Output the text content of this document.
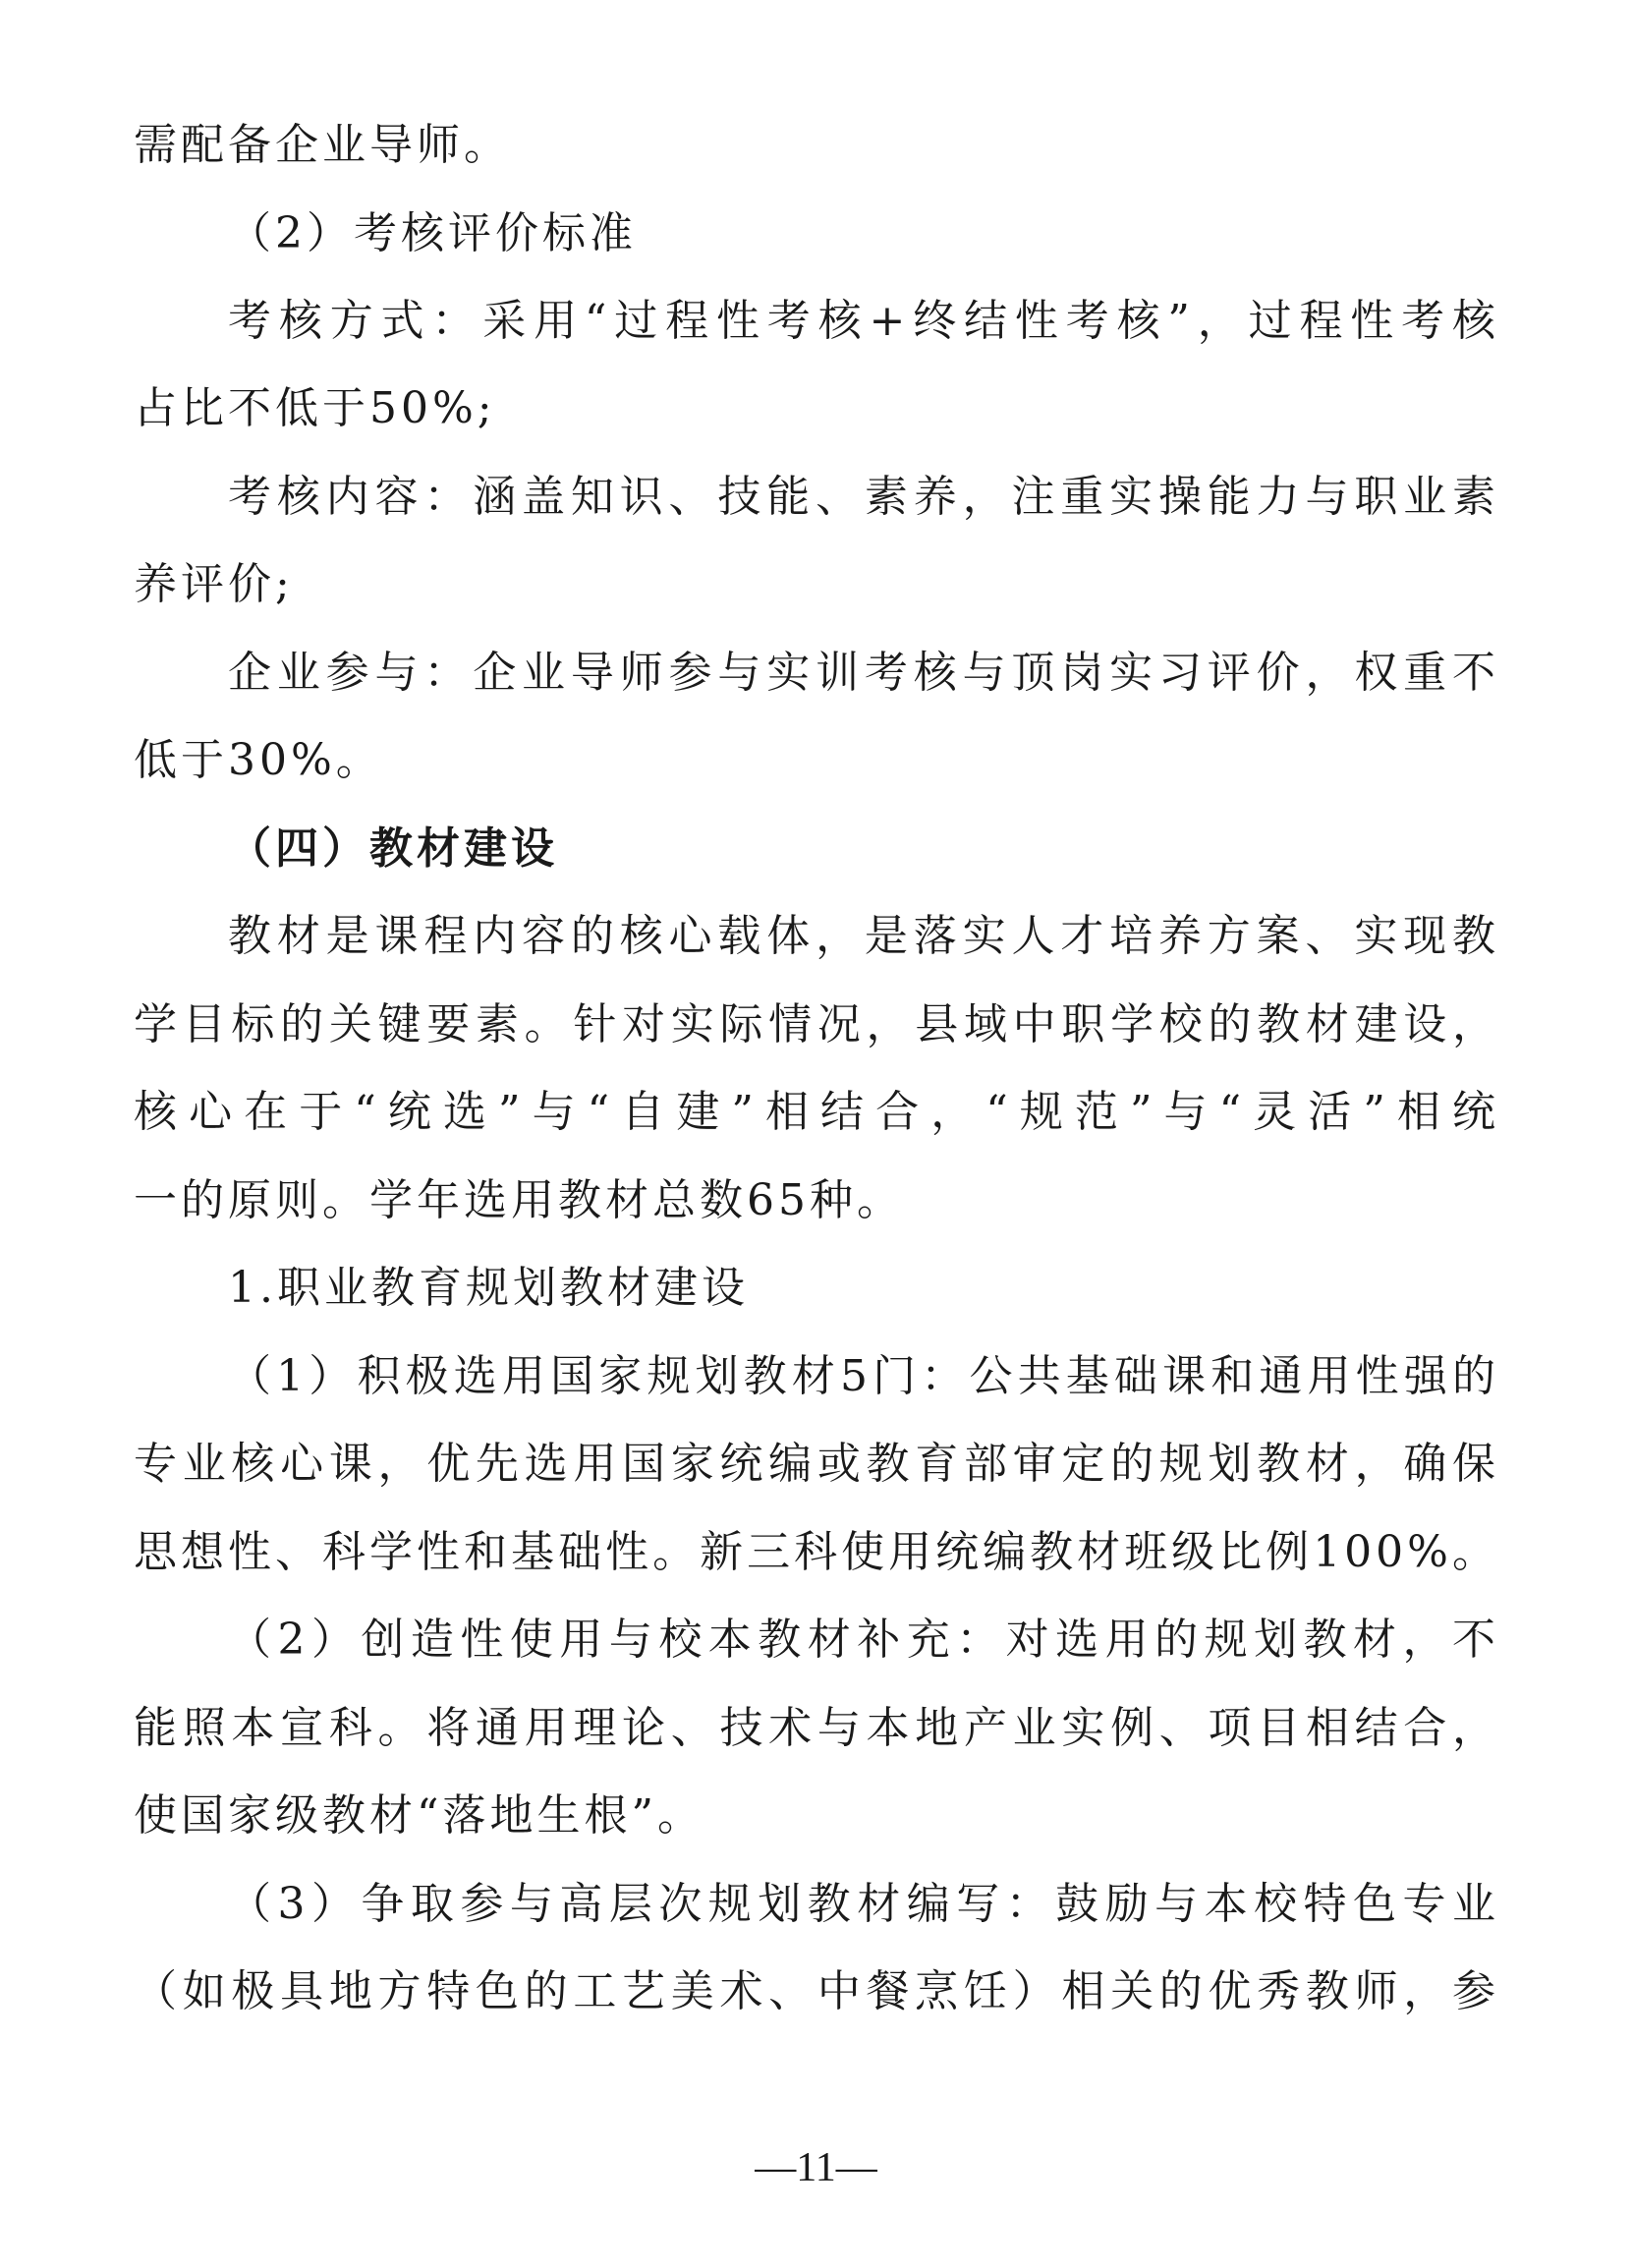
需配备企业导师。
（2）考核评价标准
考核方式：采用“过程性考核+终结性考核”，过程性考核
占比不低于50%;
考核内容：涵盖知识、技能、素养，注重实操能力与职业素
养评价;
企业参与：企业导师参与实训考核与顶岗实习评价，权重不
低于30%。
（四）教材建设
教材是课程内容的核心载体，是落实人才培养方案、实现教
学目标的关键要素。针对实际情况，县域中职学校的教材建设，
核心在于“统选”与“自建”相结合，“规范”与“灵活”相统
一的原则。学年选用教材总数65种。
1.职业教育规划教材建设
（1）积极选用国家规划教材5门：公共基础课和通用性强的
专业核心课，优先选用国家统编或教育部审定的规划教材，确保
思想性、科学性和基础性。新三科使用统编教材班级比例100%。
（2）创造性使用与校本教材补充：对选用的规划教材，不
能照本宣科。将通用理论、技术与本地产业实例、项目相结合，
使国家级教材“落地生根”。
（3）争取参与高层次规划教材编写：鼓励与本校特色专业
（如极具地方特色的工艺美术、中餐烹饪）相关的优秀教师，参
—11—
